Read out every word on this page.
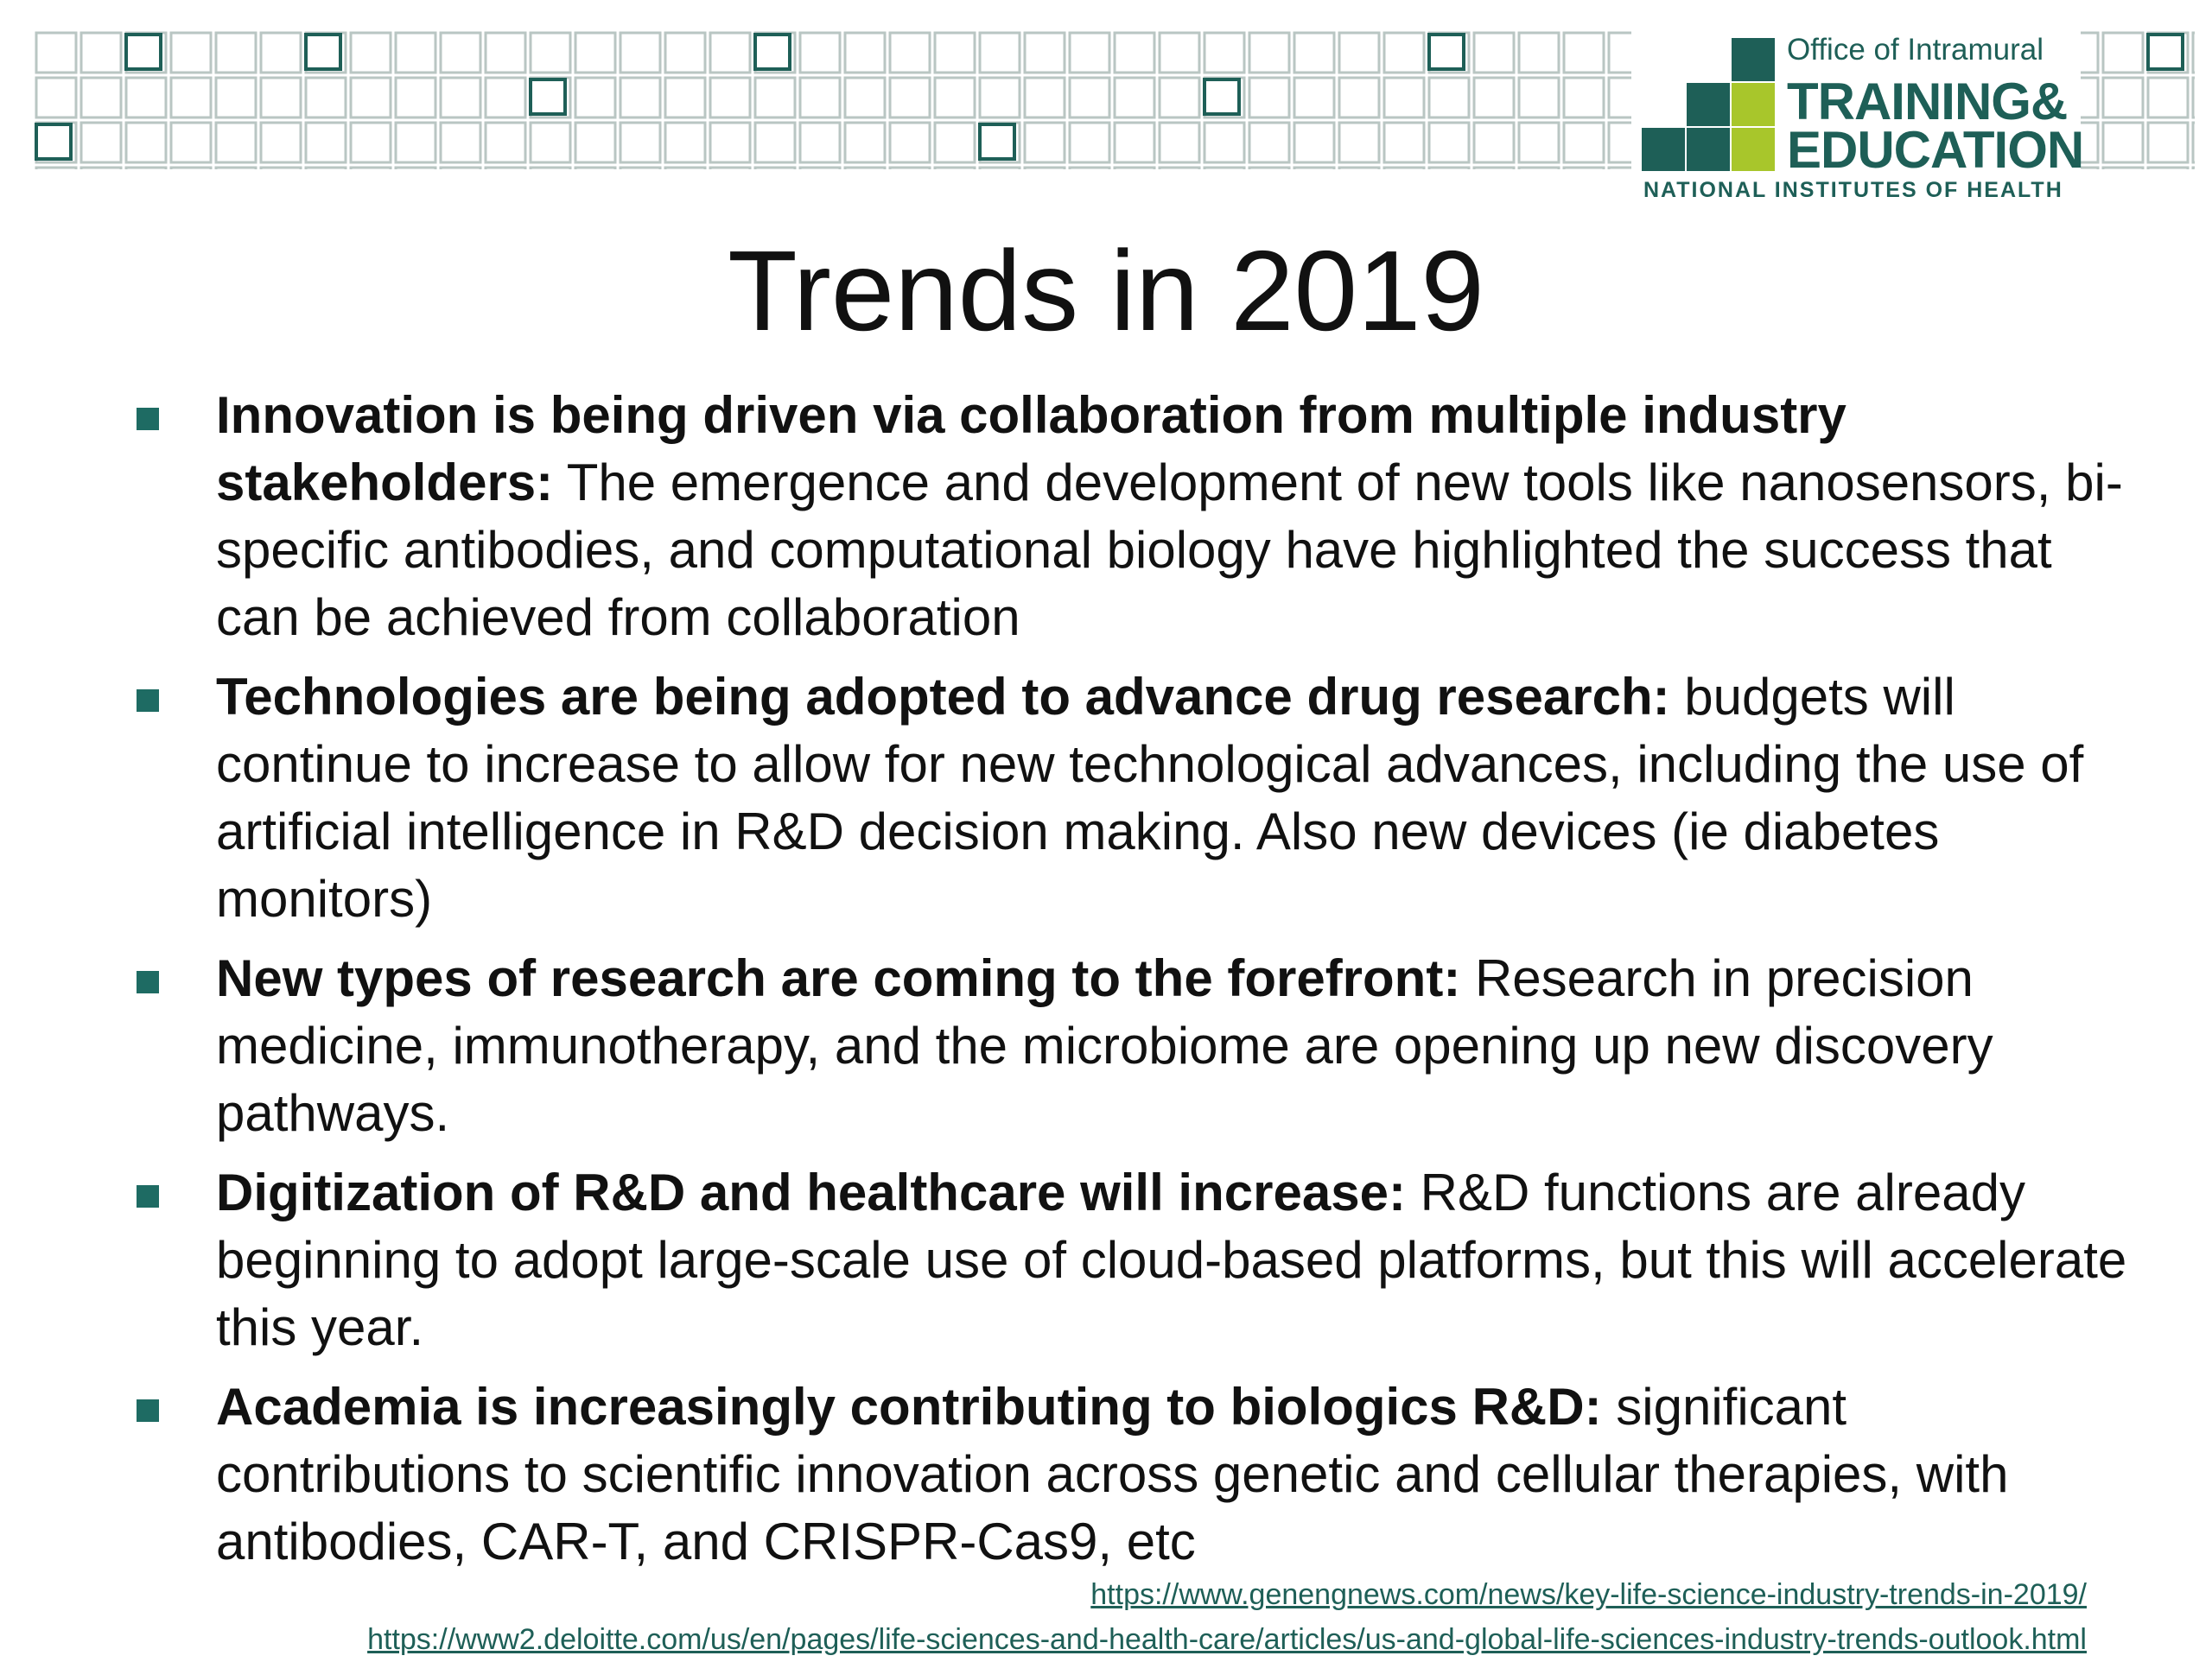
Office of Intramural
TRAINING&
EDUCATION
NATIONAL INSTITUTES OF HEALTH
Trends in 2019
Innovation is being driven via collaboration from multiple industry stakeholders: The emergence and development of new tools like nanosensors, bi-specific antibodies, and computational biology have highlighted the success that can be achieved from collaboration
Technologies are being adopted to advance drug research: budgets will continue to increase to allow for new technological advances, including the use of artificial intelligence in R&D decision making. Also new devices (ie diabetes monitors)
New types of research are coming to the forefront: Research in precision medicine, immunotherapy, and the microbiome are opening up new discovery pathways.
Digitization of R&D and healthcare will increase: R&D functions are already beginning to adopt large-scale use of cloud-based platforms, but this will accelerate this year.
Academia is increasingly contributing to biologics R&D: significant contributions to scientific innovation across genetic and cellular therapies, with antibodies, CAR-T, and CRISPR-Cas9, etc
https://www.genengnews.com/news/key-life-science-industry-trends-in-2019/
https://www2.deloitte.com/us/en/pages/life-sciences-and-health-care/articles/us-and-global-life-sciences-industry-trends-outlook.html
